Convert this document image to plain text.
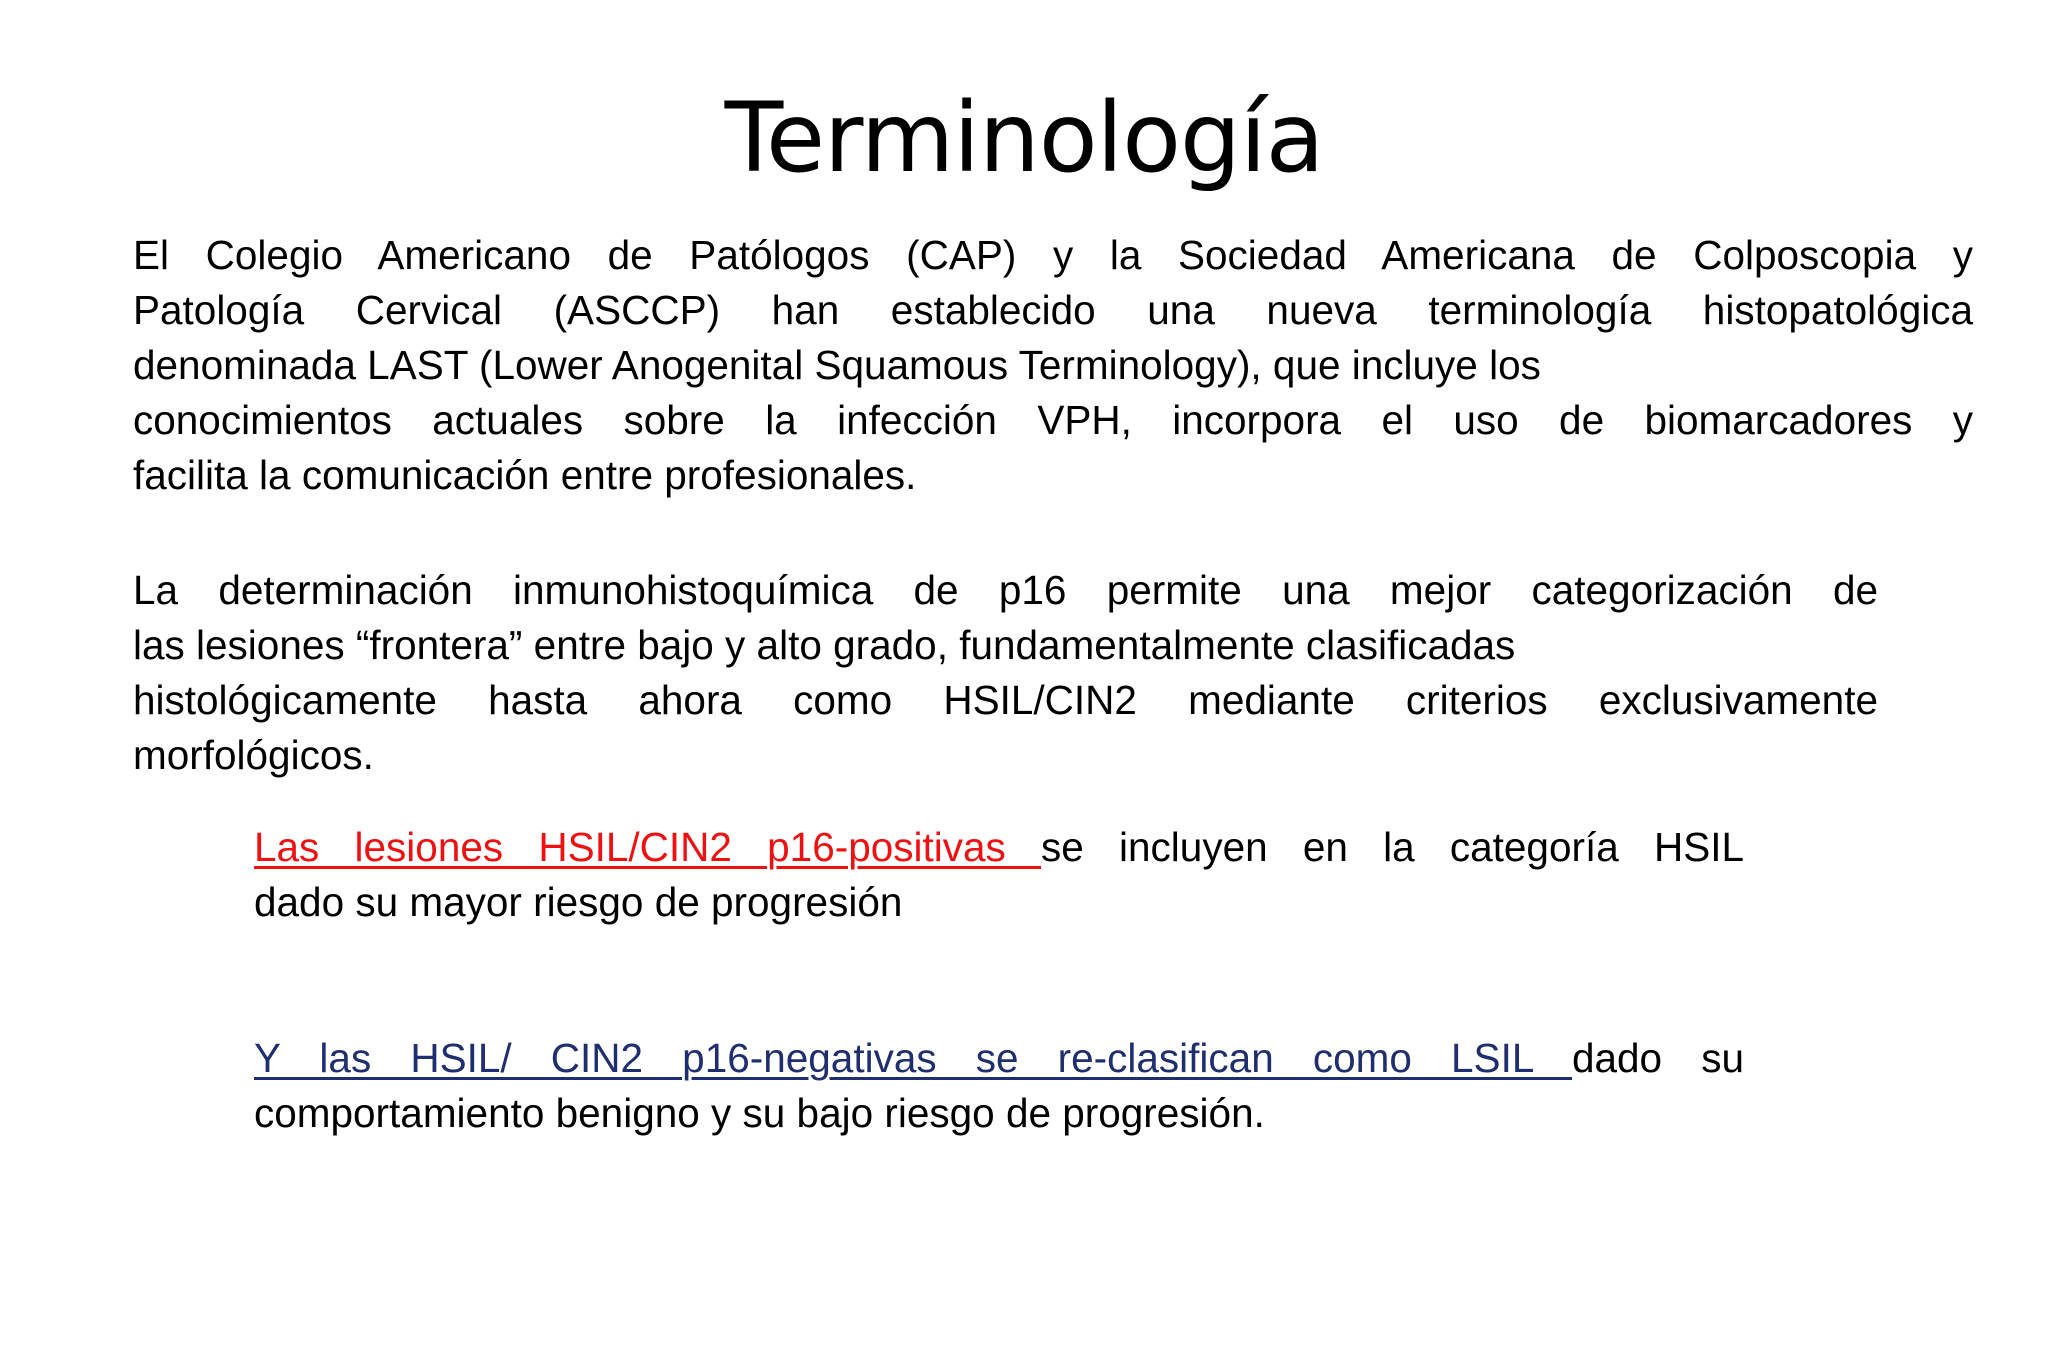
Terminología
El Colegio Americano de Patólogos (CAP) y la Sociedad Americana de Colposcopia y
Patología Cervical (ASCCP) han establecido una nueva terminología histopatológica
denominada LAST (Lower Anogenital Squamous Terminology), que incluye los
conocimientos actuales sobre la infección VPH, incorpora el uso de biomarcadores y
facilita la comunicación entre profesionales.
La determinación inmunohistoquímica de p16 permite una mejor categorización de
las lesiones “frontera” entre bajo y alto grado, fundamentalmente clasificadas
histológicamente hasta ahora como HSIL/CIN2 mediante criterios exclusivamente
morfológicos.
Las lesiones HSIL/CIN2 p16-positivas se incluyen en la categoría HSIL
dado su mayor riesgo de progresión
Y las HSIL/ CIN2 p16-negativas se re-clasifican como LSIL dado su
comportamiento benigno y su bajo riesgo de progresión.
